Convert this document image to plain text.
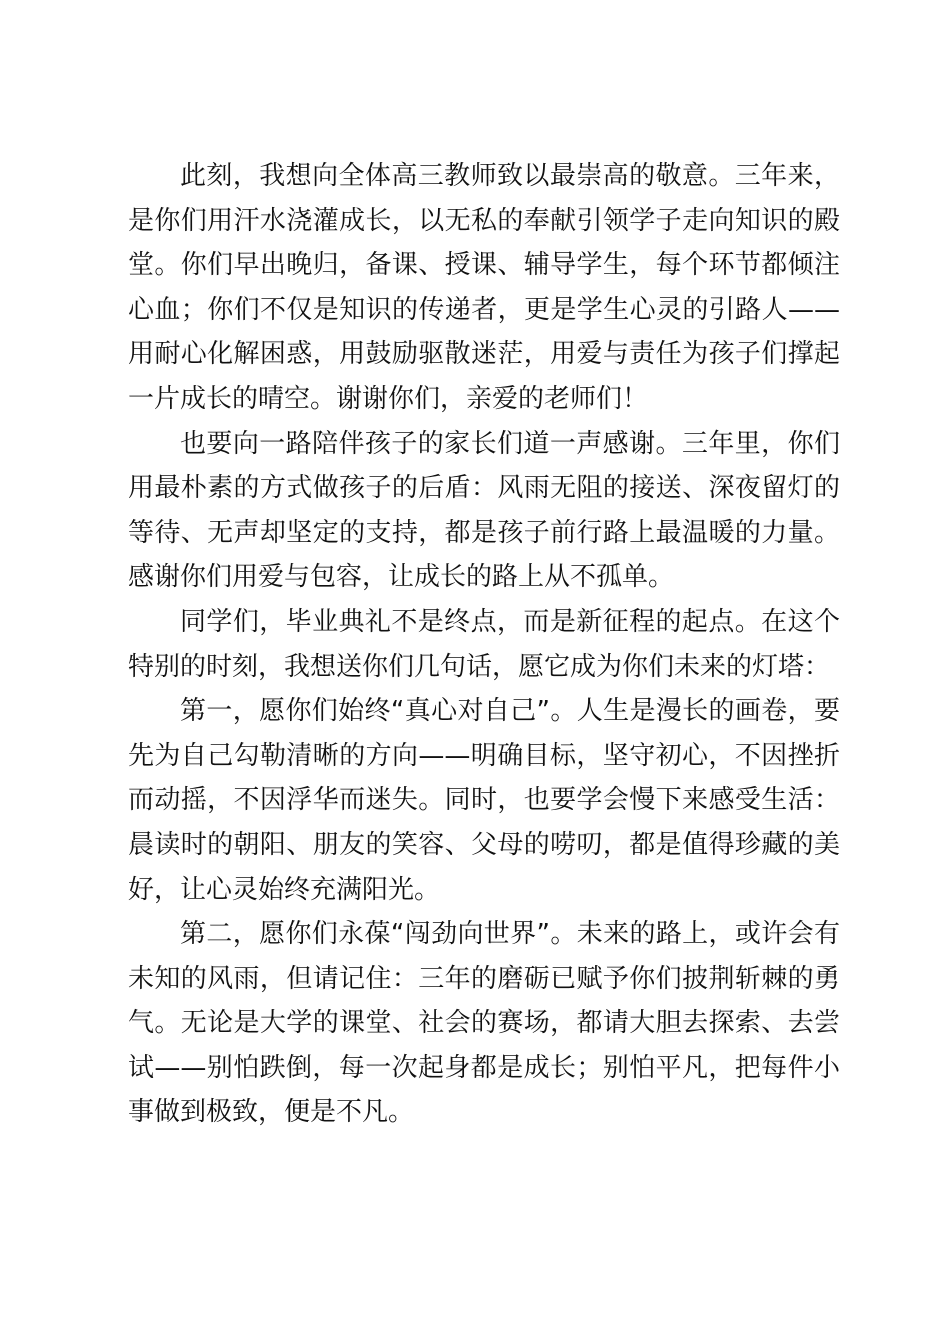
此刻，我想向全体高三教师致以最崇高的敬意。三年来，是你们用汗水浇灌成长，以无私的奉献引领学子走向知识的殿堂。你们早出晚归，备课、授课、辅导学生，每个环节都倾注心血；你们不仅是知识的传递者，更是学生心灵的引路人——用耐心化解困惑，用鼓励驱散迷茫，用爱与责任为孩子们撑起一片成长的晴空。谢谢你们，亲爱的老师们！

也要向一路陪伴孩子的家长们道一声感谢。三年里，你们用最朴素的方式做孩子的后盾：风雨无阻的接送、深夜留灯的等待、无声却坚定的支持，都是孩子前行路上最温暖的力量。感谢你们用爱与包容，让成长的路上从不孤单。

同学们，毕业典礼不是终点，而是新征程的起点。在这个特别的时刻，我想送你们几句话，愿它成为你们未来的灯塔：

第一，愿你们始终“真心对自己”。人生是漫长的画卷，要先为自己勾勒清晰的方向——明确目标，坚守初心，不因挫折而动摇，不因浮华而迷失。同时，也要学会慢下来感受生活：晨读时的朝阳、朋友的笑容、父母的唠叨，都是值得珍藏的美好，让心灵始终充满阳光。

第二，愿你们永葆“闯劲向世界”。未来的路上，或许会有未知的风雨，但请记住：三年的磨砺已赋予你们披荆斩棘的勇气。无论是大学的课堂、社会的赛场，都请大胆去探索、去尝试——别怕跌倒，每一次起身都是成长；别怕平凡，把每件小事做到极致，便是不凡。
